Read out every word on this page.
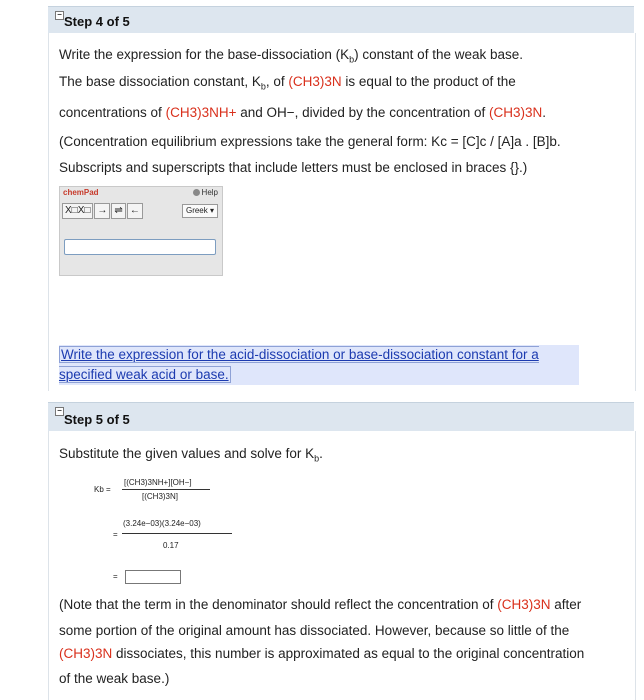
− Step 4 of 5
Write the expression for the base-dissociation $(K_b)$ constant of the weak base.
The base dissociation constant, $K_b$, of (CH3)3N is equal to the product of the
concentrations of (CH3)3NH+ and OH−, divided by the concentration of (CH3)3N.
(Concentration equilibrium expressions take the general form: Kc = [C]c / [A]a . [B]b.
Subscripts and superscripts that include letters must be enclosed in braces {}.)
chemPad	Help
X□X□ → ⇌ ←	Greek ▾
Write the expression for the acid-dissociation or base-dissociation constant for a specified weak acid or base.
−
Step 5 of 5
Substitute the given values and solve for $K_b$.
(Note that the term in the denominator should reflect the concentration of (CH3)3N after
some portion of the original amount has dissociated. However, because so little of the
(CH3)3N dissociates, this number is approximated as equal to the original concentration
of the weak base.)
Kb =
[(CH3)3NH+][OH−]
[(CH3)3N]
=
(3.24e−03)(3.24e−03)
0.17
=
